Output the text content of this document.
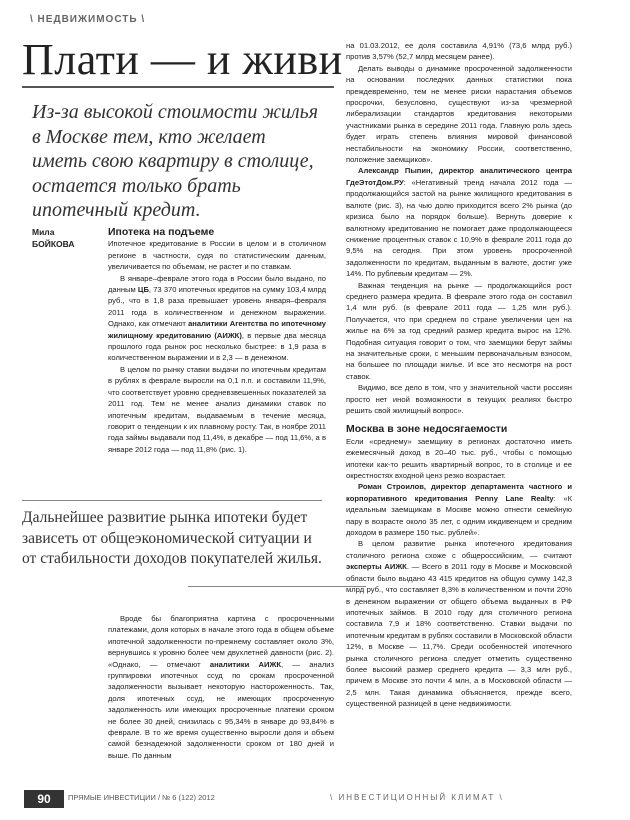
\ НЕДВИЖИМОСТЬ \
Плати — и живи
Из-за высокой стоимости жилья в Москве тем, кто желает иметь свою квартиру в столице, остается только брать ипотечный кредит.
Мила
БОЙКОВА
Ипотека на подъеме

Ипотечное кредитование в России в целом и в столичном регионе в частности, судя по статистическим данным, увеличивается по объемам, не растет и по ставкам.

В январе–феврале этого года в России было выдано, по данным ЦБ, 73 370 ипотечных кредитов на сумму 103,4 млрд руб., что в 1,8 раза превышает уровень января–февраля 2011 года в количественном и денежном выражении. Однако, как отмечают аналитики Агентства по ипотечному жилищному кредитованию (АИЖК), в первые два месяца прошлого года рынок рос несколько быстрее: в 1,9 раза в количественном выражении и в 2,3 — в денежном.

В целом по рынку ставки выдачи по ипотечным кредитам в рублях в феврале выросли на 0,1 п.п. и составили 11,9%, что соответствует уровню средневзвешенных показателей за 2011 год. Тем не менее анализ динамики ставок по ипотечным кредитам, выдаваемым в течение месяца, говорит о тенденции к их плавному росту. Так, в ноябре 2011 года займы выдавали под 11,4%, в декабре — под 11,6%, а в январе 2012 года — под 11,8% (рис. 1).

Дальнейшее развитие рынка ипотеки будет зависеть от общеэкономической ситуации и от стабильности доходов покупателей жилья.

Вроде бы благоприятна картина с просроченными платежами, доля которых в начале этого года в общем объеме ипотечной задолженности по-прежнему составляет около 3%, вернувшись к уровню более чем двухлетней давности (рис. 2). «Однако, — отмечают аналитики АИЖК, — анализ группировки ипотечных ссуд по срокам просроченной задолженности вызывает некоторую настороженность. Так, доля ипотечных ссуд, не имеющих просроченную задолженность или имеющих просроченные платежи сроком не более 30 дней, снизилась с 95,34% в январе до 93,84% в феврале. В то же время существенно выросли доля и объем самой безнадежной задолженности сроком от 180 дней и выше. По данным

на 01.03.2012, ее доля составила 4,91% (73,6 млрд руб.) против 3,57% (52,7 млрд месяцем ранее).

Делать выводы о динамике просроченной задолженности на основании последних данных статистики пока преждевременно, тем не менее риски нарастания объемов просрочки, безусловно, существуют из-за чрезмерной либерализации стандартов кредитования некоторыми участниками рынка в середине 2011 года. Главную роль здесь будет играть степень влияния мировой финансовой нестабильности на экономику России, соответственно, положение заемщиков».

Александр Пыпин, директор аналитического центра ГдеЭтотДом.РУ: «Негативный тренд начала 2012 года — продолжающийся застой на рынке жилищного кредитования в валюте (рис. 3), на чью долю приходится всего 2% рынка (до кризиса было на порядок больше). Вернуть доверие к валютному кредитованию не помогает даже продолжающееся снижение процентных ставок с 10,9% в феврале 2011 года до 9,5% на сегодня. При этом уровень просроченной задолженности по кредитам, выданным в валюте, достиг уже 14%. По рублевым кредитам — 2%.

Важная тенденция на рынке — продолжающийся рост среднего размера кредита. В феврале этого года он составил 1,4 млн руб. (в феврале 2011 года — 1,25 млн руб.). Получается, что при среднем по стране увеличении цен на жилье на 6% за год средний размер кредита вырос на 12%. Подобная ситуация говорит о том, что заемщики берут займы на значительные сроки, с меньшим первоначальным взносом, на большее по площади жилье. И все это несмотря на рост ставок.

Видимо, все дело в том, что у значительной части россиян просто нет иной возможности в текущих реалиях быстро решить свой жилищный вопрос».

Москва в зоне недосягаемости

Если «среднему» заемщику в регионах достаточно иметь ежемесячный доход в 20–40 тыс. руб., чтобы с помощью ипотеки как-то решить квартирный вопрос, то в столице и ее окрестностях входной ценз резко возрастает.

Роман Строилов, директор департамента частного и корпоративного кредитования Penny Lane Realty: «К идеальным заемщикам в Москве можно отнести семейную пару в возрасте около 35 лет, с одним иждивенцем и средним доходом в размере 150 тыс. рублей».

В целом развитие рынка ипотечного кредитования столичного региона схоже с общероссийским, — считают эксперты АИЖК. — Всего в 2011 году в Москве и Московской области было выдано 43 415 кредитов на общую сумму 142,3 млрд руб., что составляет 8,3% в количественном и почти 20% в денежном выражении от общего объема выданных в РФ ипотечных займов. В 2010 году для столичного региона составила 7,9 и 18% соответственно. Ставки выдачи по ипотечным кредитам в рублях составили в Московской области 12%, в Москве — 11,7%. Среди особенностей ипотечного рынка столичного региона следует отметить существенно более высокий размер среднего кредита — 3,3 млн руб., причем в Москве это почти 4 млн, а в Московской области — 2,5 млн. Такая динамика объясняется, прежде всего, существенной разницей в цене недвижимости.

90	ПРЯМЫЕ ИНВЕСТИЦИИ / № 6 (122) 2012	\ ИНВЕСТИЦИОННЫЙ КЛИМАТ \
